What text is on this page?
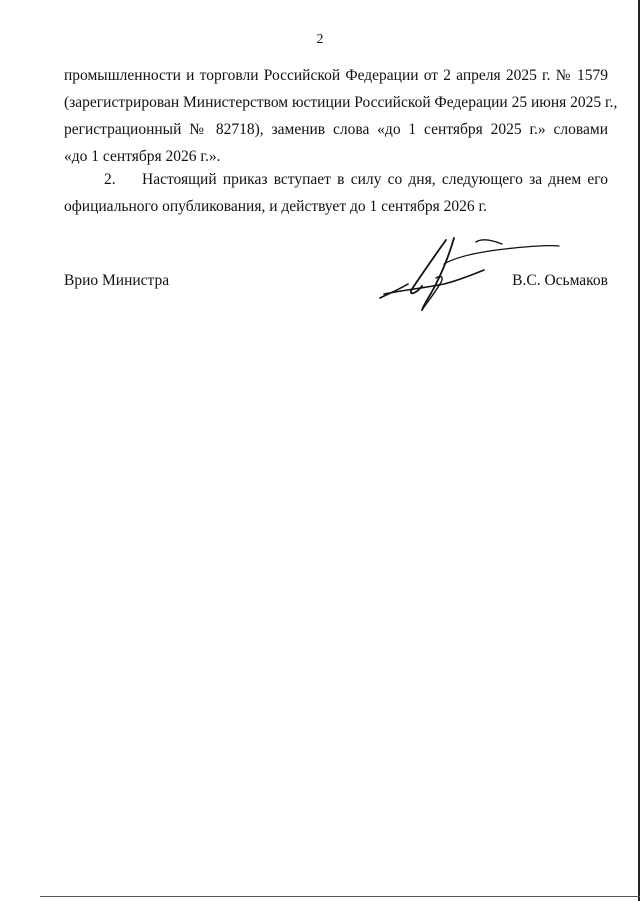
2
промышленности и торговли Российской Федерации от 2 апреля 2025 г. № 1579
(зарегистрирован Министерством юстиции Российской Федерации 25 июня 2025 г.,
регистрационный № 82718), заменив слова «до 1 сентября 2025 г.» словами
«до 1 сентября 2026 г.».
2. Настоящий приказ вступает в силу со дня, следующего за днем его
официального опубликования, и действует до 1 сентября 2026 г.
Врио Министра	В.С. Осьмаков
